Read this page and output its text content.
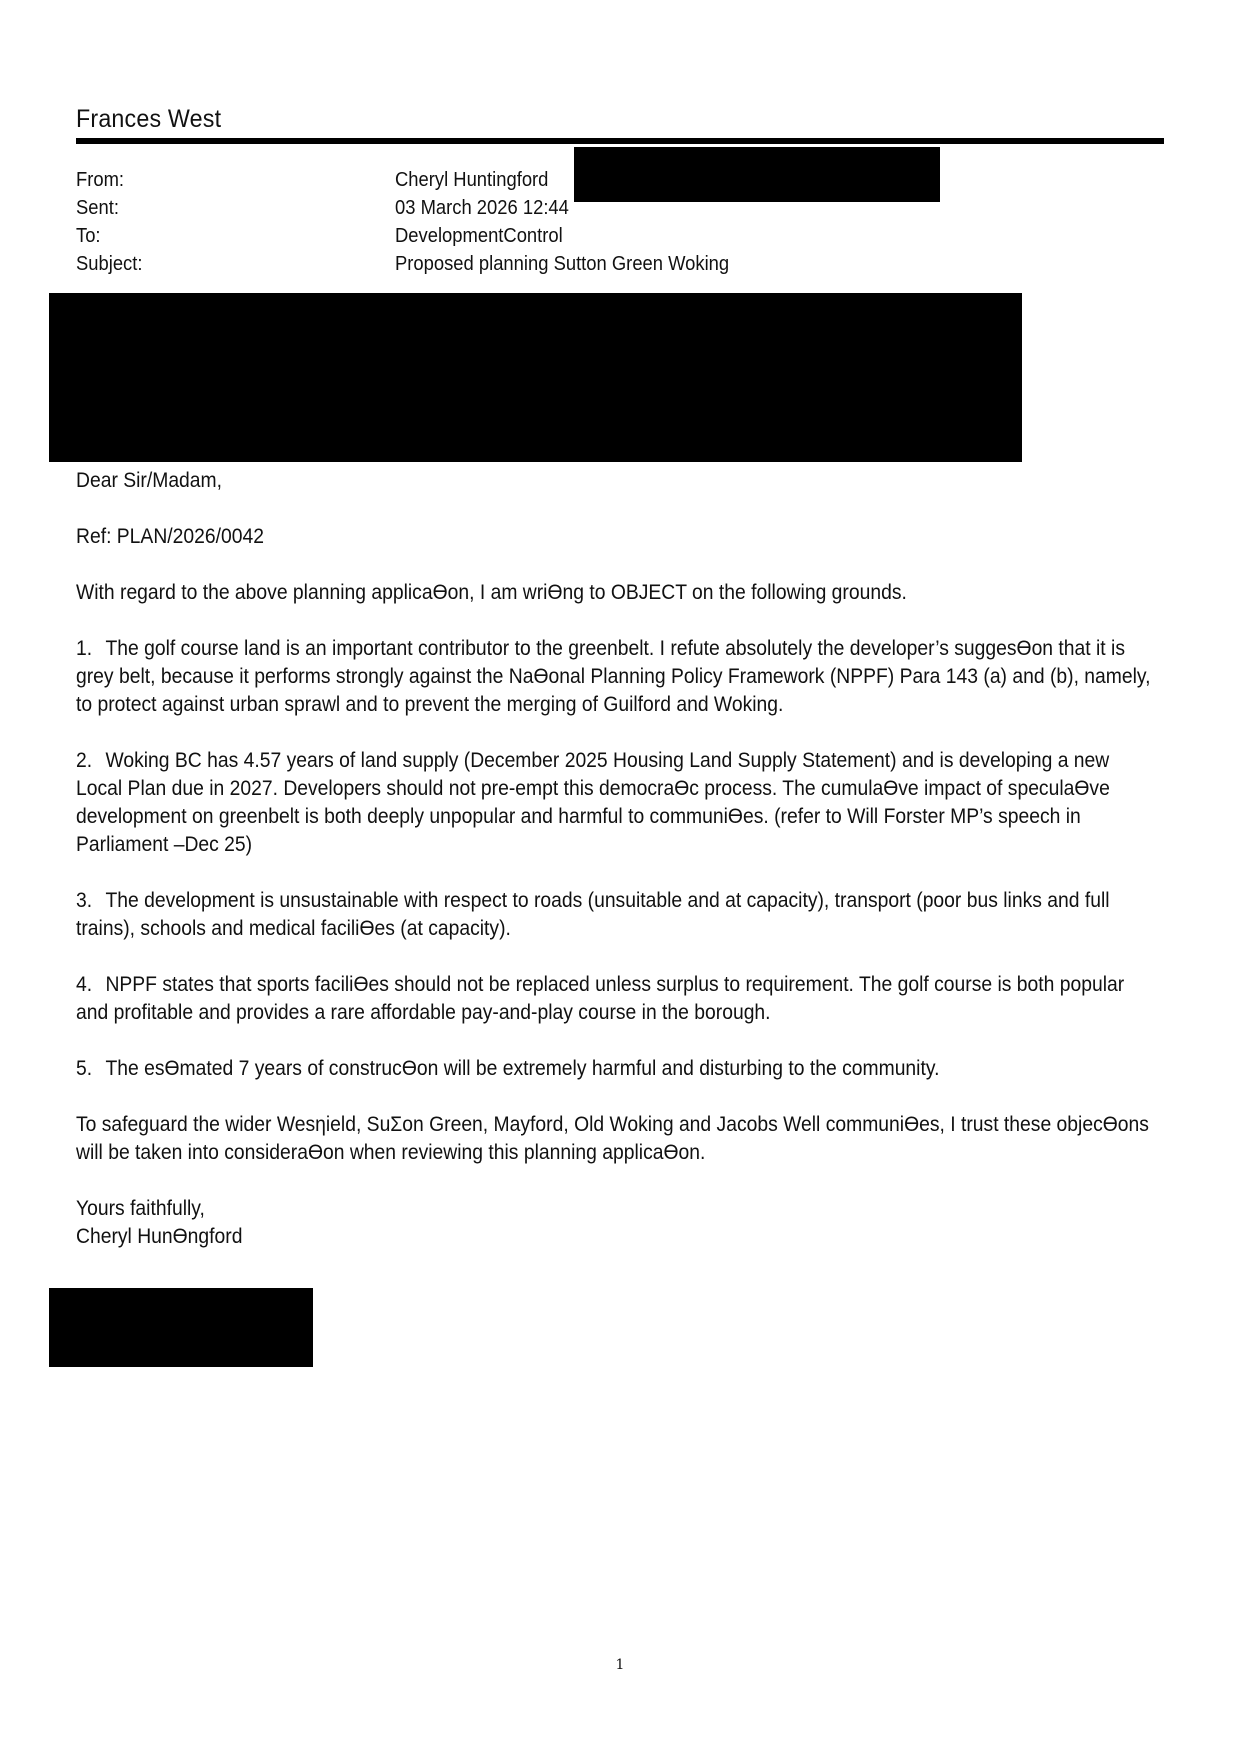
Frances West
From:	Cheryl Huntingford
Sent:	03 March 2026 12:44
To:	DevelopmentControl
Subject:	Proposed planning Sutton Green Woking

Dear Sir/Madam,

Ref: PLAN/2026/0042

With regard to the above planning applicaƟon, I am wriƟng to OBJECT on the following grounds.

1. The golf course land is an important contributor to the greenbelt. I refute absolutely the developer’s suggesƟon that it is grey belt, because it performs strongly against the NaƟonal Planning Policy Framework (NPPF) Para 143 (a) and (b), namely, to protect against urban sprawl and to prevent the merging of Guilford and Woking.

2. Woking BC has 4.57 years of land supply (December 2025 Housing Land Supply Statement) and is developing a new Local Plan due in 2027. Developers should not pre-empt this democraƟc process. The cumulaƟve impact of speculaƟve development on greenbelt is both deeply unpopular and harmful to communiƟes. (refer to Will Forster MP’s speech in Parliament –Dec 25)

3. The development is unsustainable with respect to roads (unsuitable and at capacity), transport (poor bus links and full trains), schools and medical faciliƟes (at capacity).

4. NPPF states that sports faciliƟes should not be replaced unless surplus to requirement. The golf course is both popular and profitable and provides a rare affordable pay-and-play course in the borough.

5. The esƟmated 7 years of construcƟon will be extremely harmful and disturbing to the community.

To safeguard the wider Wesƞield, SuƩon Green, Mayford, Old Woking and Jacobs Well communiƟes, I trust these objecƟons will be taken into consideraƟon when reviewing this planning applicaƟon.

Yours faithfully,

Cheryl HunƟngford

1
